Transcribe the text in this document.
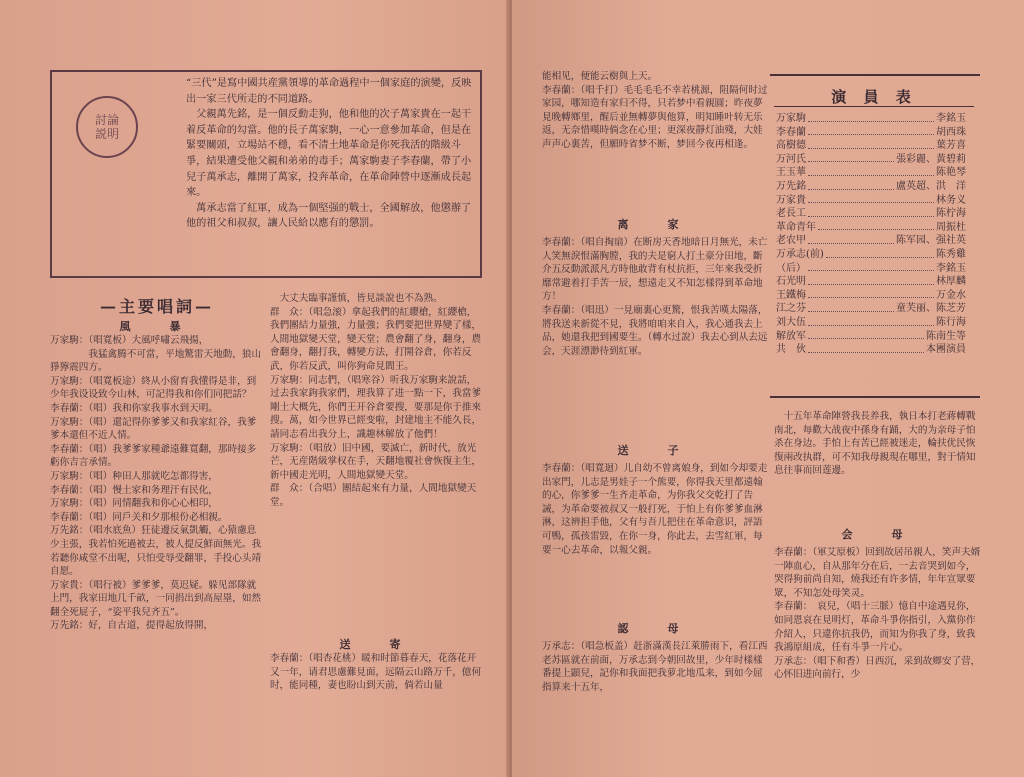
討論
説明
“三代”是寫中國共産黨領導的革命過程中一個家庭的演變，反映出一家三代所走的不同道路。
　父親萬先銘，是一個反動走狗，他和他的次子萬家貴在一起干着反革命的勾當。他的長子萬家駒，一心一意參加革命，但是在緊要關頭，立場站不穩，看不清土地革命是你死我活的階級斗爭，結果遭受他父親和弟弟的毒手；萬家駒妻子李春蘭，帶了小兒子萬承志，離開了萬家，投奔革命，在革命陣營中逐漸成長起來。
　萬承志當了紅軍，成為一個堅强的戰士，全國解放，他懲辦了他的祖父和叔叔，讓人民給以應有的懲罰。
—主要唱詞—
風　暴
万家駒：（唱寬板）大風呼嘯云飛揚，
　　　　我猛禽腾不可當，平地驚雷天地動，狼山猙獰震四方。
万家駒：（唱寬板途）終从小窗育我懂得是非，到少年我设设致今山林，可記得我和你们同把話？
李春蘭：（唱）我和你家我事水到天明。
万家駒：（唱）還記得你爹爹又和我家紅谷，我爹爹本還但不近人情。
李春蘭：（唱）我爹爹家種爺遠難寬翻，那時接多虧你吉言承情。
万家駒：（唱）种田人那就吃怎都得害，
李春蘭：（唱）慢土家和务理汗有民化，
万家駒：（唱）同情翻我和你心心相印，
李春蘭：（唱）同戶关和夕那根份必相親。
万先銘：（唱水底魚）狂徒邊反氣凱觸，心猿慮息少主張，我若怕死過被去，被人提反鮮面無光。我若聽你咸堂不出呢，只怕受辱受翻罪，手投心头靖自愿。
万家貴：（唱行被）爹爹爹，莫迟疑。躲见部隊就上門，我家田地几千畝，一同捐出到高屋塁，如然翻全死屁子，“姿平我兒齐五”。
万先銘：好，自古道，提得起放得開，
　大丈夫臨事謹慎，皆見談說也不為熟。
群　众：（唱急滚）拿起我們的紅纓槍，紅纓槍，我們團結力量強，力量強；我們要把世界變了樣，人間地獄變天堂，變天堂；農會翻了身，翻身，農會翻身，翻打我，轉變方法，打開谷倉，你若反武，你若反武，叫你狗命見閻王。
万家駒：同志們，（唱寒谷）听我万家駒来說話，过去我家鉤我家們，理我算了进一點一下，我當爹剛土大概先，你們王开谷倉要搜，要那是你于推來搜。萬，如今世界已經变啦，封建地主不能久長，請同志看出我分上，識趣林解放了他們！
万家駒：（唱放）旧中國，要滅亡，新时代，放光芒，无産階級掌权在手，天翻地覆社會恢復主生，新中國走光明，人間地獄變天堂。
群　众：（合唱）團結起來有力量，人間地獄變天堂。
送　寄
李春蘭：（唱杏花桃）暖和时節暮春天，花落花开又一年，请君思慮難見面，远隔云山路万千，億何时，能同種，妻也盼山到天前，倘若山量
能相见，便能云樹與上天。
李春蘭：（唱千打）毛毛毛毛不幸若桃源，阻隔何时过家园，哪知造有家归不得，只若梦中看親圓；昨夜夢見晚轉鄉里，醒后並無轉夢與他算，明知睡叶转无乐返，无奈惜嘆時倘念在心里；更深夜靜灯油殘，大娃声声心裏苦，但願時省梦不断，梦回今夜再相逢。
离　家
李春蘭：（唱自掏扇）在断房天香地暗日月無光，未亡人笑無淚恨滿胸膛，我的夫是窮人打土豪分田地，斷介五反動派派凡方時他敢背有杖抗拒，三年來我受折靡常避着打手苦一辰，想遠走又不知怎樣得到革命地方！
李春蘭：（唱迅）一見廟裏心更驚，恨我苦嘆太陽落，將我送来新從不見，我將咱咱来自入，我心通我去上品，她還我把到國要生。（轉水过說）我去心到从去远会，天涯漂渺待到紅軍。
送　子
李春蘭：（唱寬迴）儿自幼不曾离娘身，到如今却要走出家門，儿志是男娃子一个熊要，你得我天里都遠翰的心，你爹爹一生齐走革命，为你我父交乾打了告誡，为革命要被叔又一般打死，于怕上有你爹爹血淋淋，这辨担手他，父有与吾儿把住在革命意识，評語可鴨，孤孩雷毀，在你一身，你此去，去雪紅軍，每要一心去革命，以報父親。
認　母
万承志：（唱急板盖）赶浙滿漢長江萊勝雨下，看江西老苏區就在前面，万承志到今朝回故里，少年时樣樣番提上顕兒，記你和我面把我萝北地瓜来，到如今屈指算来十五年，
演 員 表
万家駒	李銘玉
李春蘭	胡西珠
高樹德	葉芳喜
万河氏	張彩麗、黃碧莉
王玉華	陈艳琴
万先銘	盧英超、洪　洋
万家貴	林务义
老長工	陈柠海
革命青年	周振杜
老农甲	陈军园、强社英
万承志(前)	陈秀雞
（后）	李銘玉
石光明	林厚麟
王鐵梅	万金水
江之芬	童芙丽、陈芝芳
刘大伍	陈行海
解放军	陈南生等
共　伙	本團演員
　十五年革命陣營我長养我，執日本打老蔣轉戰南北，每歡大战夜中孫身有踊，大的为亲母子怕杀在身边。手怕上有苦已經被迷走，輪扶优民恢復兩改执群，可不知我母親現在哪里，對于情知息往事而回莲邊。
会　母
李春蘭：（軍艾原板）回到故居吊親人，笑声夫婿一陣血心，自从那年分在后，一去音哭到如今，哭得狗前尚自知，燒我还有许多情，年年宣眾要眾，不知怎处母笑灵。
李春蘭：　哀兒，（唱十三脈）憶自中途遇見你，如同恩哀在見明灯，革命斗爭你指引，入黨你作介紹人，只違你抗我仍，而知为你我了身，致我我鴻原組成，任有斗爭一片心。
万承志：（唱下和香）日西沉，采到故鄉安了营，心怀旧进向前行，少
